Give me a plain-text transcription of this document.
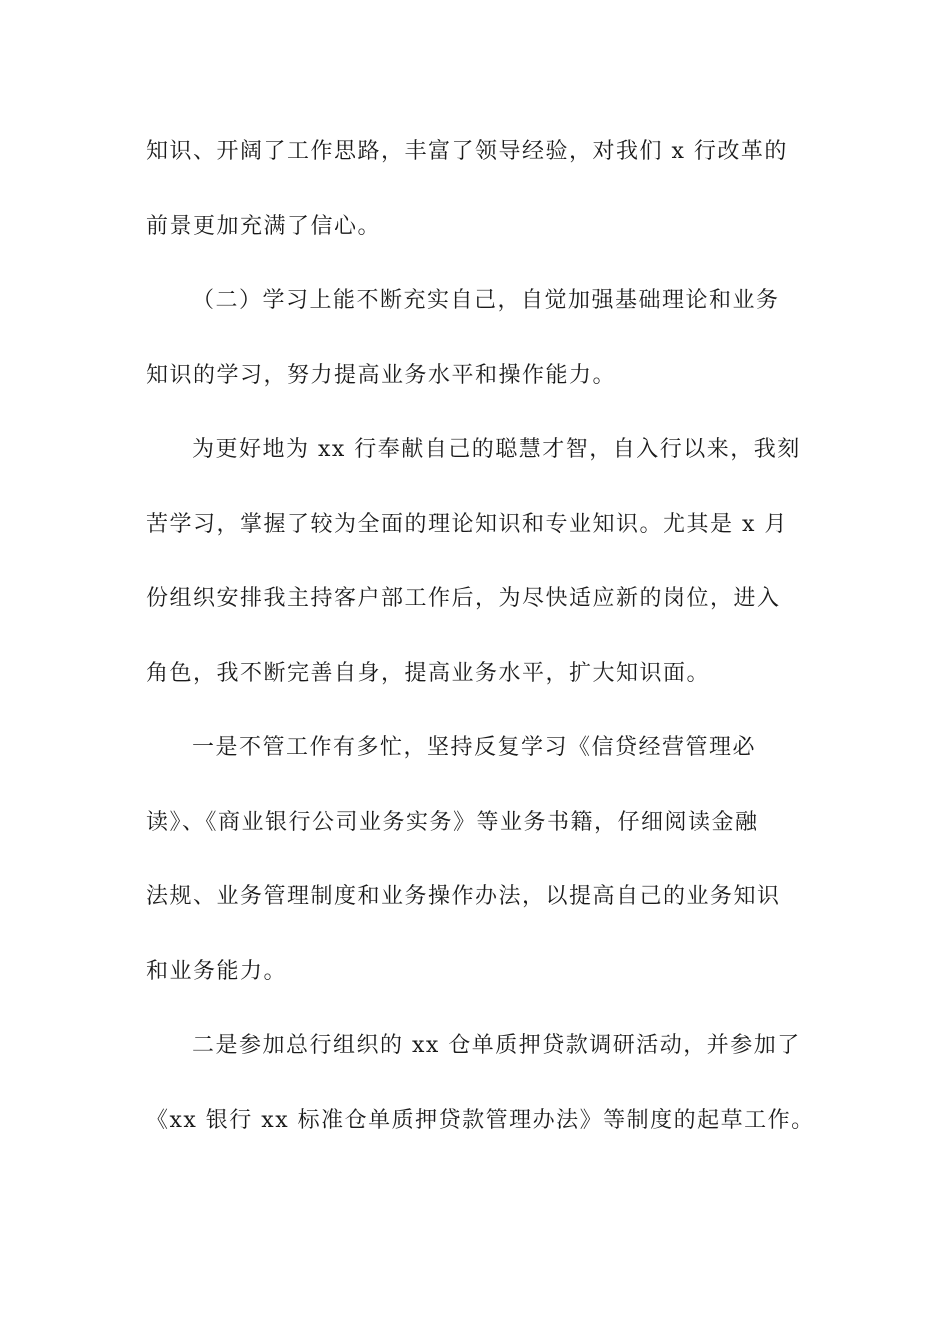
知识、开阔了工作思路，丰富了领导经验，对我们 x 行改革的
前景更加充满了信心。
（二）学习上能不断充实自己，自觉加强基础理论和业务
知识的学习，努力提高业务水平和操作能力。
为更好地为 xx 行奉献自己的聪慧才智，自入行以来，我刻
苦学习，掌握了较为全面的理论知识和专业知识。尤其是 x 月
份组织安排我主持客户部工作后，为尽快适应新的岗位，进入
角色，我不断完善自身，提高业务水平，扩大知识面。
一是不管工作有多忙，坚持反复学习《信贷经营管理必
读》、《商业银行公司业务实务》等业务书籍，仔细阅读金融
法规、业务管理制度和业务操作办法，以提高自己的业务知识
和业务能力。
二是参加总行组织的 xx 仓单质押贷款调研活动，并参加了
《xx 银行 xx 标准仓单质押贷款管理办法》等制度的起草工作。
